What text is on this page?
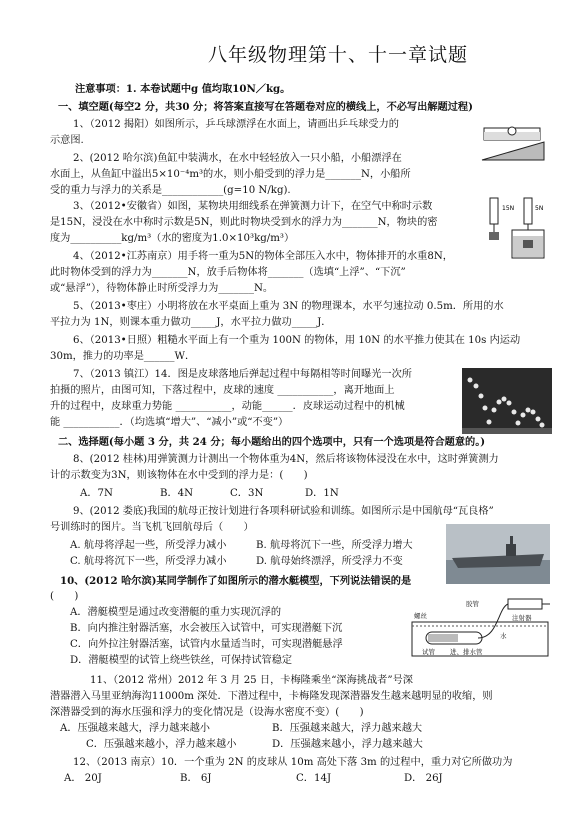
八年级物理第十、十一章试题
注意事项：1. 本卷试题中g 值均取10N／kg。
一、填空题(每空2 分，共30 分；将答案直接写在答题卷对应的横线上，不必写出解题过程)
1、（2012 揭阳）如图所示，乒乓球漂浮在水面上，请画出乒乓球受力的
示意图.
2、(2012 哈尔滨)鱼缸中装满水，在水中轻轻放入一只小船，小船漂浮在
水面上，从鱼缸中溢出5×10⁻⁴m³的水，则小船受到的浮力是_______N，小船所
受的重力与浮力的关系是____________(g=10 N/kg).
3、（2012•安徽省）如图，某物块用细线系在弹簧测力计下，在空气中称时示数
是15N，浸没在水中称时示数是5N，则此时物块受到水的浮力为_______N，物块的密
度为__________kg/m³（水的密度为1.0×10³kg/m³）
15N	5N
4、（2012•江苏南京）用手将一重为5N的物体全部压入水中，物体排开的水重8N，
此时物体受到的浮力为_______N，放手后物体将_______（选填“上浮”、“下沉”
或“悬浮”），待物体静止时所受浮力为_______N。
5、（2013•枣庄）小明将放在水平桌面上重为 3N 的物理课本，水平匀速拉动 0.5m．所用的水
平拉力为 1N，则课本重力做功_____J，水平拉力做功_____J．
6、（2013•日照）粗糙水平面上有一个重为 100N 的物体，用 10N 的水平推力使其在 10s 内运动
30m，推力的功率是______W．
7、（2013 镇江）14．图是皮球落地后弹起过程中每隔相等时间曝光一次所
拍摄的照片，由图可知，下落过程中，皮球的速度 ___________，离开地面上
升的过程中，皮球重力势能 ___________，动能______．皮球运动过程中的机械
能 ___________．（均选填“增大”、“减小”或“不变”）
二、选择题(每小题 3 分，共 24 分；每小题给出的四个选项中，只有一个选项是符合题意的。)
8、(2012 桂林)用弹簧测力计测出一个物体重为4N，然后将该物体浸没在水中，这时弹簧测力
计的示数变为3N，则该物体在水中受到的浮力是：(　　)
A．7N	B．4N	C．3N	D．1N
9、(2012 娄底)我国的航母正按计划进行各项科研试验和训练。如图所示是中国航母“瓦良格”
号训练时的图片。当飞机飞回航母后（　　）
A. 航母将浮起一些，所受浮力减小	B. 航母将沉下一些，所受浮力增大
C. 航母将沉下一些，所受浮力减小	D. 航母始终漂浮，所受浮力不变
10、(2012 哈尔滨)某同学制作了如图所示的潜水艇模型，下列说法错误的是
(　　)
A．潜艇模型是通过改变潜艇的重力实现沉浮的
B．向内推注射器活塞，水会被压入试管中，可实现潜艇下沉
C．向外拉注射器活塞，试管内水量适当时，可实现潜艇悬浮
D．潜艇模型的试管上绕些铁丝，可保持试管稳定
胶管
螺丝	注射器
水
试管 进、排水管
11、（2012 常州）2012 年 3 月 25 日，卡梅隆乘坐“深海挑战者”号深
潜器潜入马里亚纳海沟11000m 深处．下潜过程中，卡梅隆发现深潜器发生越来越明显的收缩，则
深潜器受到的海水压强和浮力的变化情况是（设海水密度不变）(　　)
A．压强越来越大，浮力越来越小	B．压强越来越大，浮力越来越大
C．压强越来越小，浮力越来越小	D．压强越来越小，浮力越来越大
12、（2013 南京）10．一个重为 2N 的皮球从 10m 高处下落 3m 的过程中，重力对它所做功为
A． 20J	B． 6J	C．14J	D． 26J
